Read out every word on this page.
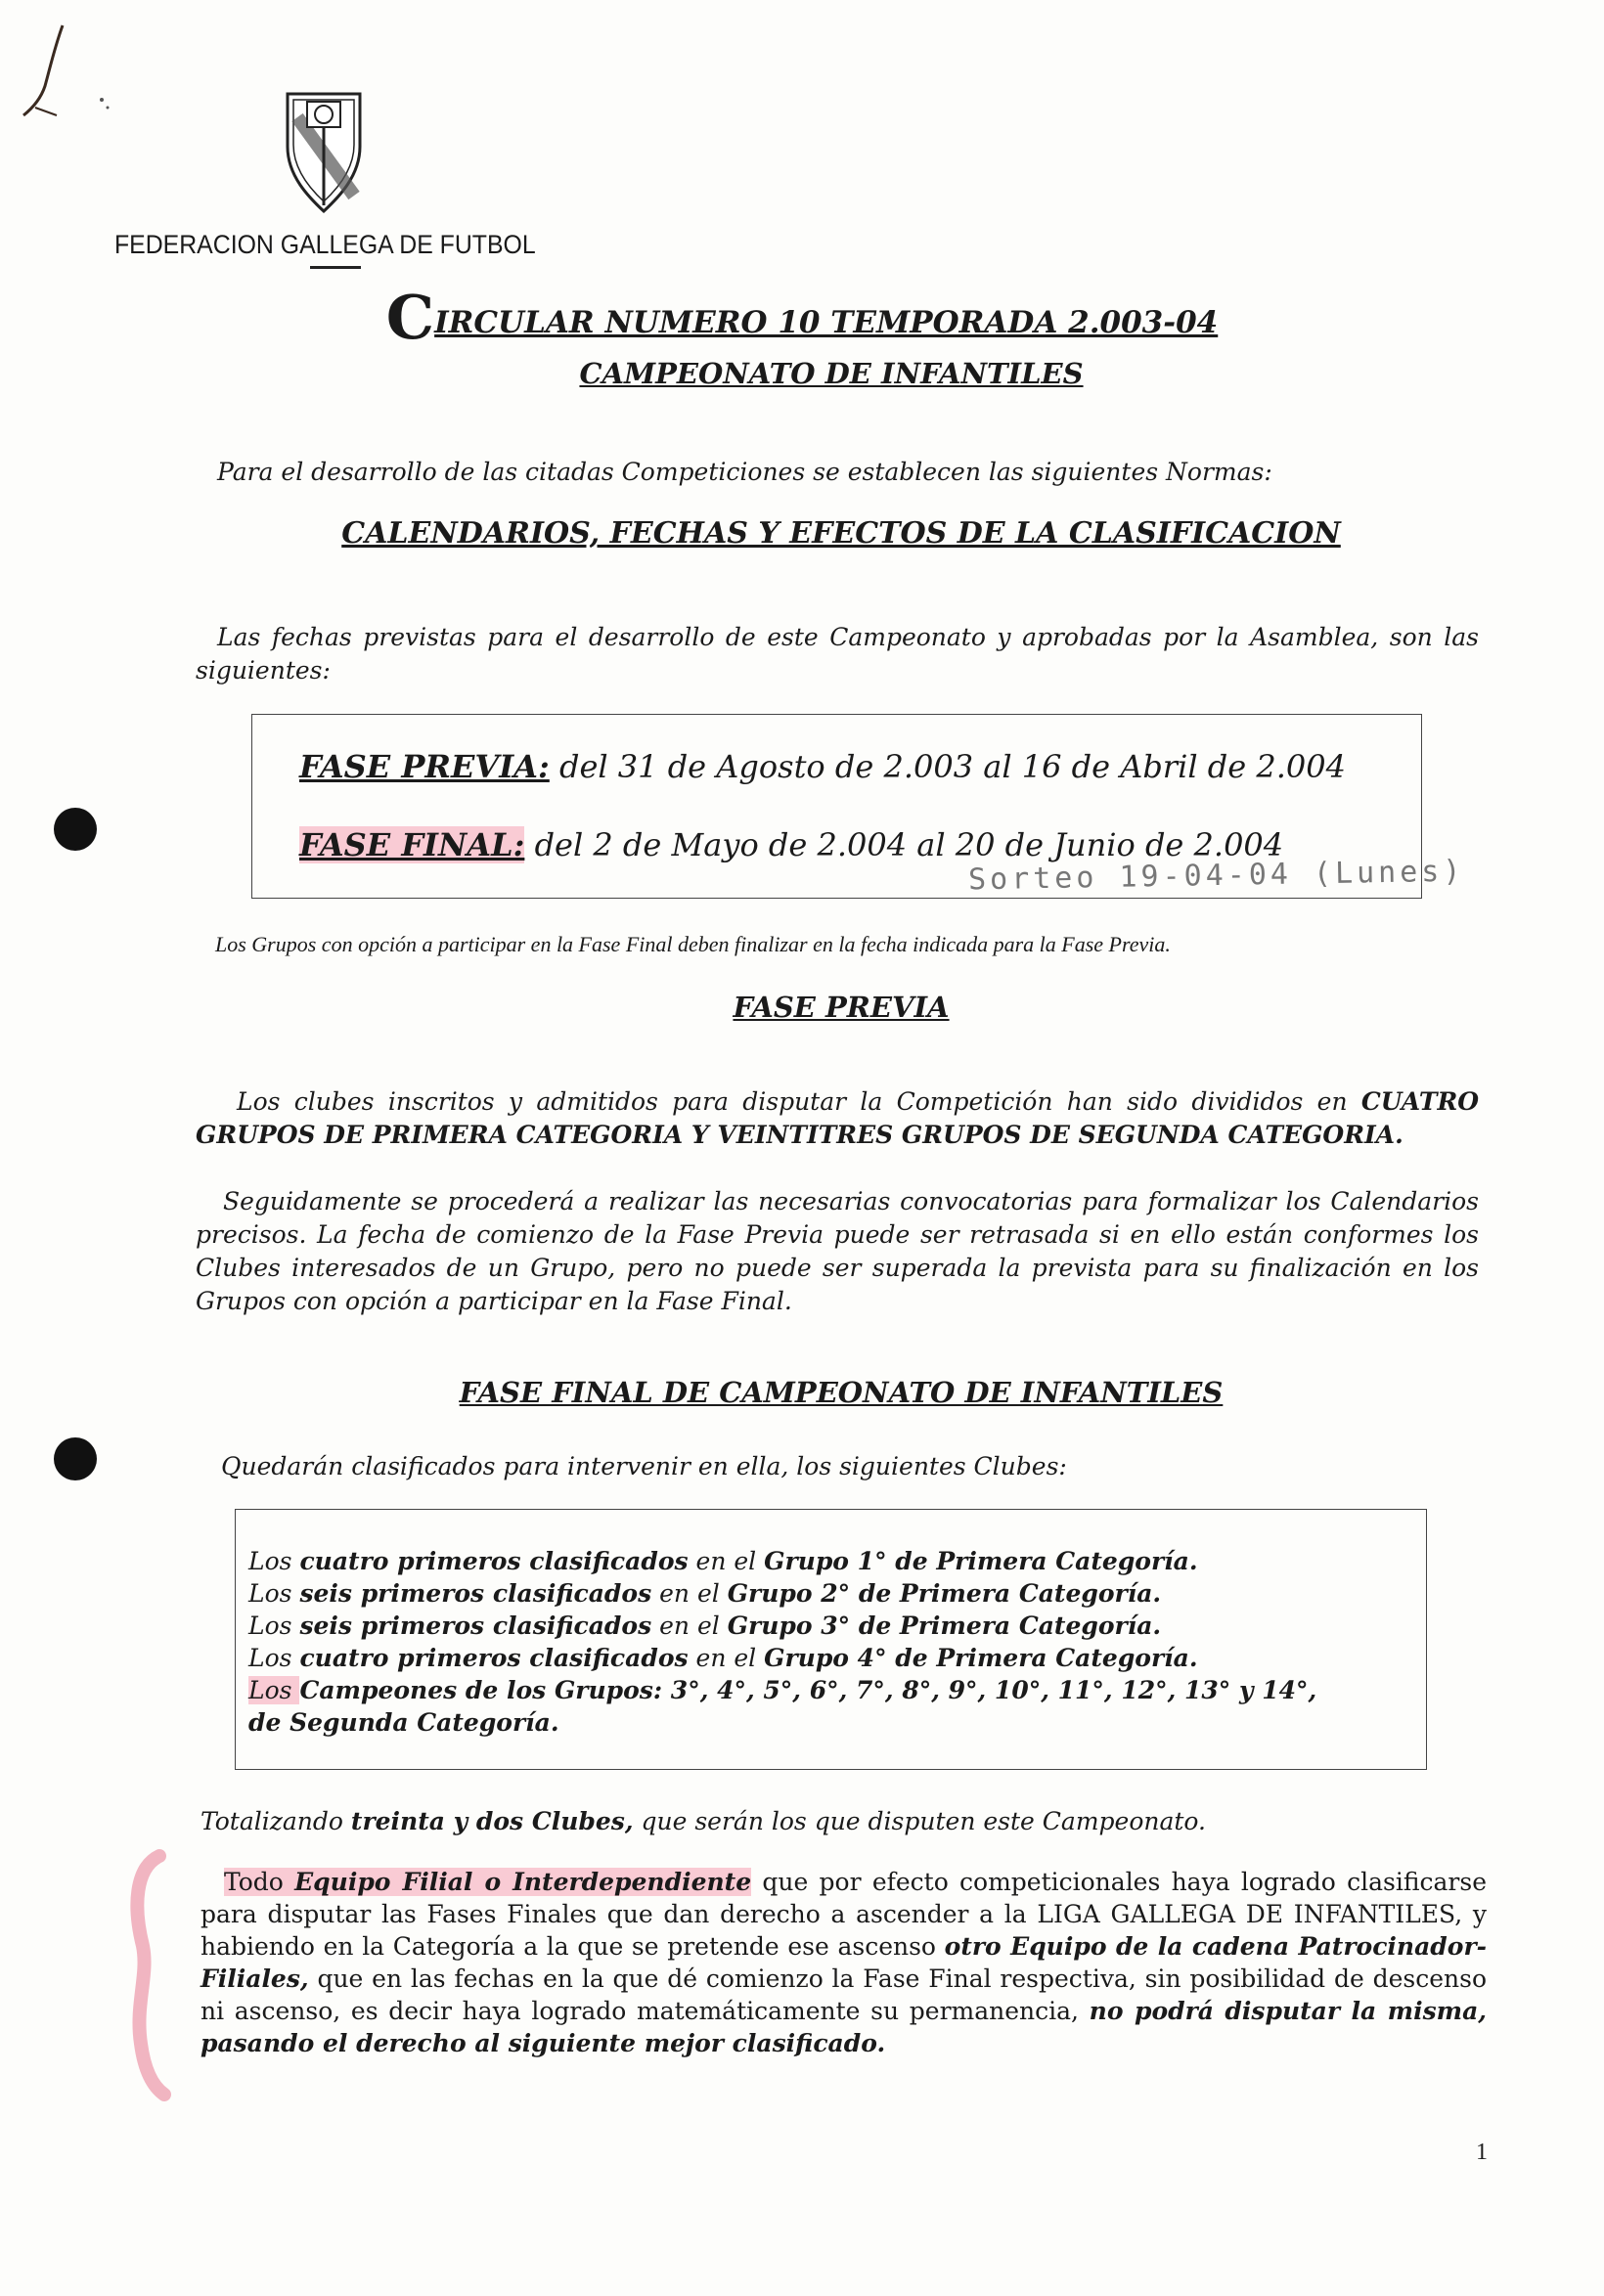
FEDERACION GALLEGA DE FUTBOL
CIRCULAR NUMERO 10 TEMPORADA 2.003-04
CAMPEONATO DE INFANTILES
Para el desarrollo de las citadas Competiciones se establecen las siguientes Normas:
CALENDARIOS, FECHAS Y EFECTOS DE LA CLASIFICACION
Las fechas previstas para el desarrollo de este Campeonato y aprobadas por la Asamblea, son las siguientes:
FASE PREVIA: del 31 de Agosto de 2.003 al 16 de Abril de 2.004
FASE FINAL: del 2 de Mayo de 2.004 al 20 de Junio de 2.004
Sorteo 19-04-04 (Lunes)
Los Grupos con opción a participar en la Fase Final deben finalizar en la fecha indicada para la Fase Previa.
FASE PREVIA
Los clubes inscritos y admitidos para disputar la Competición han sido divididos en CUATRO GRUPOS DE PRIMERA CATEGORIA Y VEINTITRES GRUPOS DE SEGUNDA CATEGORIA.
Seguidamente se procederá a realizar las necesarias convocatorias para formalizar los Calendarios precisos. La fecha de comienzo de la Fase Previa puede ser retrasada si en ello están conformes los Clubes interesados de un Grupo, pero no puede ser superada la prevista para su finalización en los Grupos con opción a participar en la Fase Final.
FASE FINAL DE CAMPEONATO DE INFANTILES
Quedarán clasificados para intervenir en ella, los siguientes Clubes:
Los cuatro primeros clasificados en el Grupo 1° de Primera Categoría.
Los seis primeros clasificados en el Grupo 2° de Primera Categoría.
Los seis primeros clasificados en el Grupo 3° de Primera Categoría.
Los cuatro primeros clasificados en el Grupo 4° de Primera Categoría.
Los Campeones de los Grupos: 3°, 4°, 5°, 6°, 7°, 8°, 9°, 10°, 11°, 12°, 13° y 14°,
de Segunda Categoría.
Totalizando treinta y dos Clubes, que serán los que disputen este Campeonato.
Todo Equipo Filial o Interdependiente que por efecto competicionales haya logrado clasificarse para disputar las Fases Finales que dan derecho a ascender a la LIGA GALLEGA DE INFANTILES, y habiendo en la Categoría a la que se pretende ese ascenso otro Equipo de la cadena Patrocinador-Filiales, que en las fechas en la que dé comienzo la Fase Final respectiva, sin posibilidad de descenso ni ascenso, es decir haya logrado matemáticamente su permanencia, no podrá disputar la misma, pasando el derecho al siguiente mejor clasificado.
1
